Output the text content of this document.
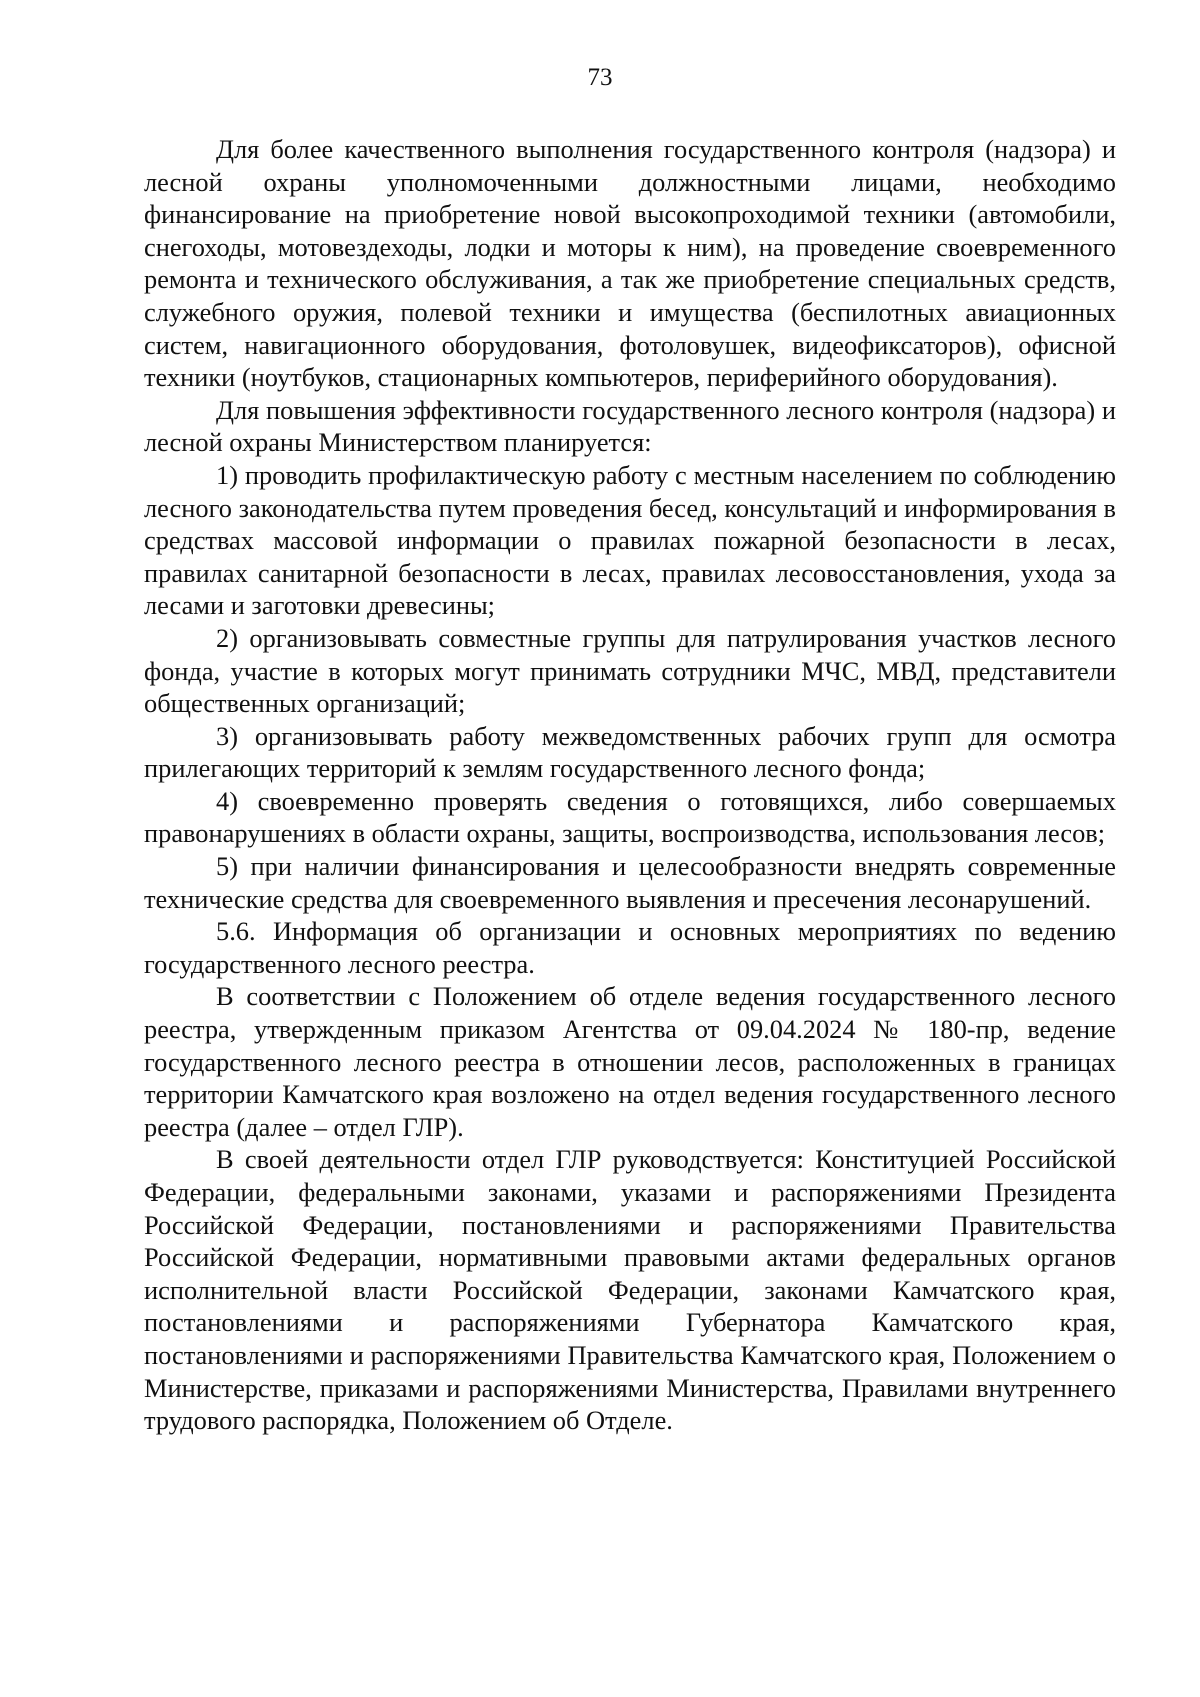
73

Для более качественного выполнения государственного контроля (надзора) и лесной охраны уполномоченными должностными лицами, необходимо финансирование на приобретение новой высокопроходимой техники (автомобили, снегоходы, мотовездеходы, лодки и моторы к ним), на проведение своевременного ремонта и технического обслуживания, а так же приобретение специальных средств, служебного оружия, полевой техники и имущества (беспилотных авиационных систем, навигационного оборудования, фотоловушек, видеофиксаторов), офисной техники (ноутбуков, стационарных компьютеров, периферийного оборудования).

Для повышения эффективности государственного лесного контроля (надзора) и лесной охраны Министерством планируется:

1) проводить профилактическую работу с местным населением по соблюдению лесного законодательства путем проведения бесед, консультаций и информирования в средствах массовой информации о правилах пожарной безопасности в лесах, правилах санитарной безопасности в лесах, правилах лесовосстановления, ухода за лесами и заготовки древесины;

2) организовывать совместные группы для патрулирования участков лесного фонда, участие в которых могут принимать сотрудники МЧС, МВД, представители общественных организаций;

3) организовывать работу межведомственных рабочих групп для осмотра прилегающих территорий к землям государственного лесного фонда;

4) своевременно проверять сведения о готовящихся, либо совершаемых правонарушениях в области охраны, защиты, воспроизводства, использования лесов;

5) при наличии финансирования и целесообразности внедрять современные технические средства для своевременного выявления и пресечения лесонарушений.

5.6. Информация об организации и основных мероприятиях по ведению государственного лесного реестра.

В соответствии с Положением об отделе ведения государственного лесного реестра, утвержденным приказом Агентства от 09.04.2024 № 180-пр, ведение государственного лесного реестра в отношении лесов, расположенных в границах территории Камчатского края возложено на отдел ведения государственного лесного реестра (далее – отдел ГЛР).

В своей деятельности отдел ГЛР руководствуется: Конституцией Российской Федерации, федеральными законами, указами и распоряжениями Президента Российской Федерации, постановлениями и распоряжениями Правительства Российской Федерации, нормативными правовыми актами федеральных органов исполнительной власти Российской Федерации, законами Камчатского края, постановлениями и распоряжениями Губернатора Камчатского края, постановлениями и распоряжениями Правительства Камчатского края, Положением о Министерстве, приказами и распоряжениями Министерства, Правилами внутреннего трудового распорядка, Положением об Отделе.
